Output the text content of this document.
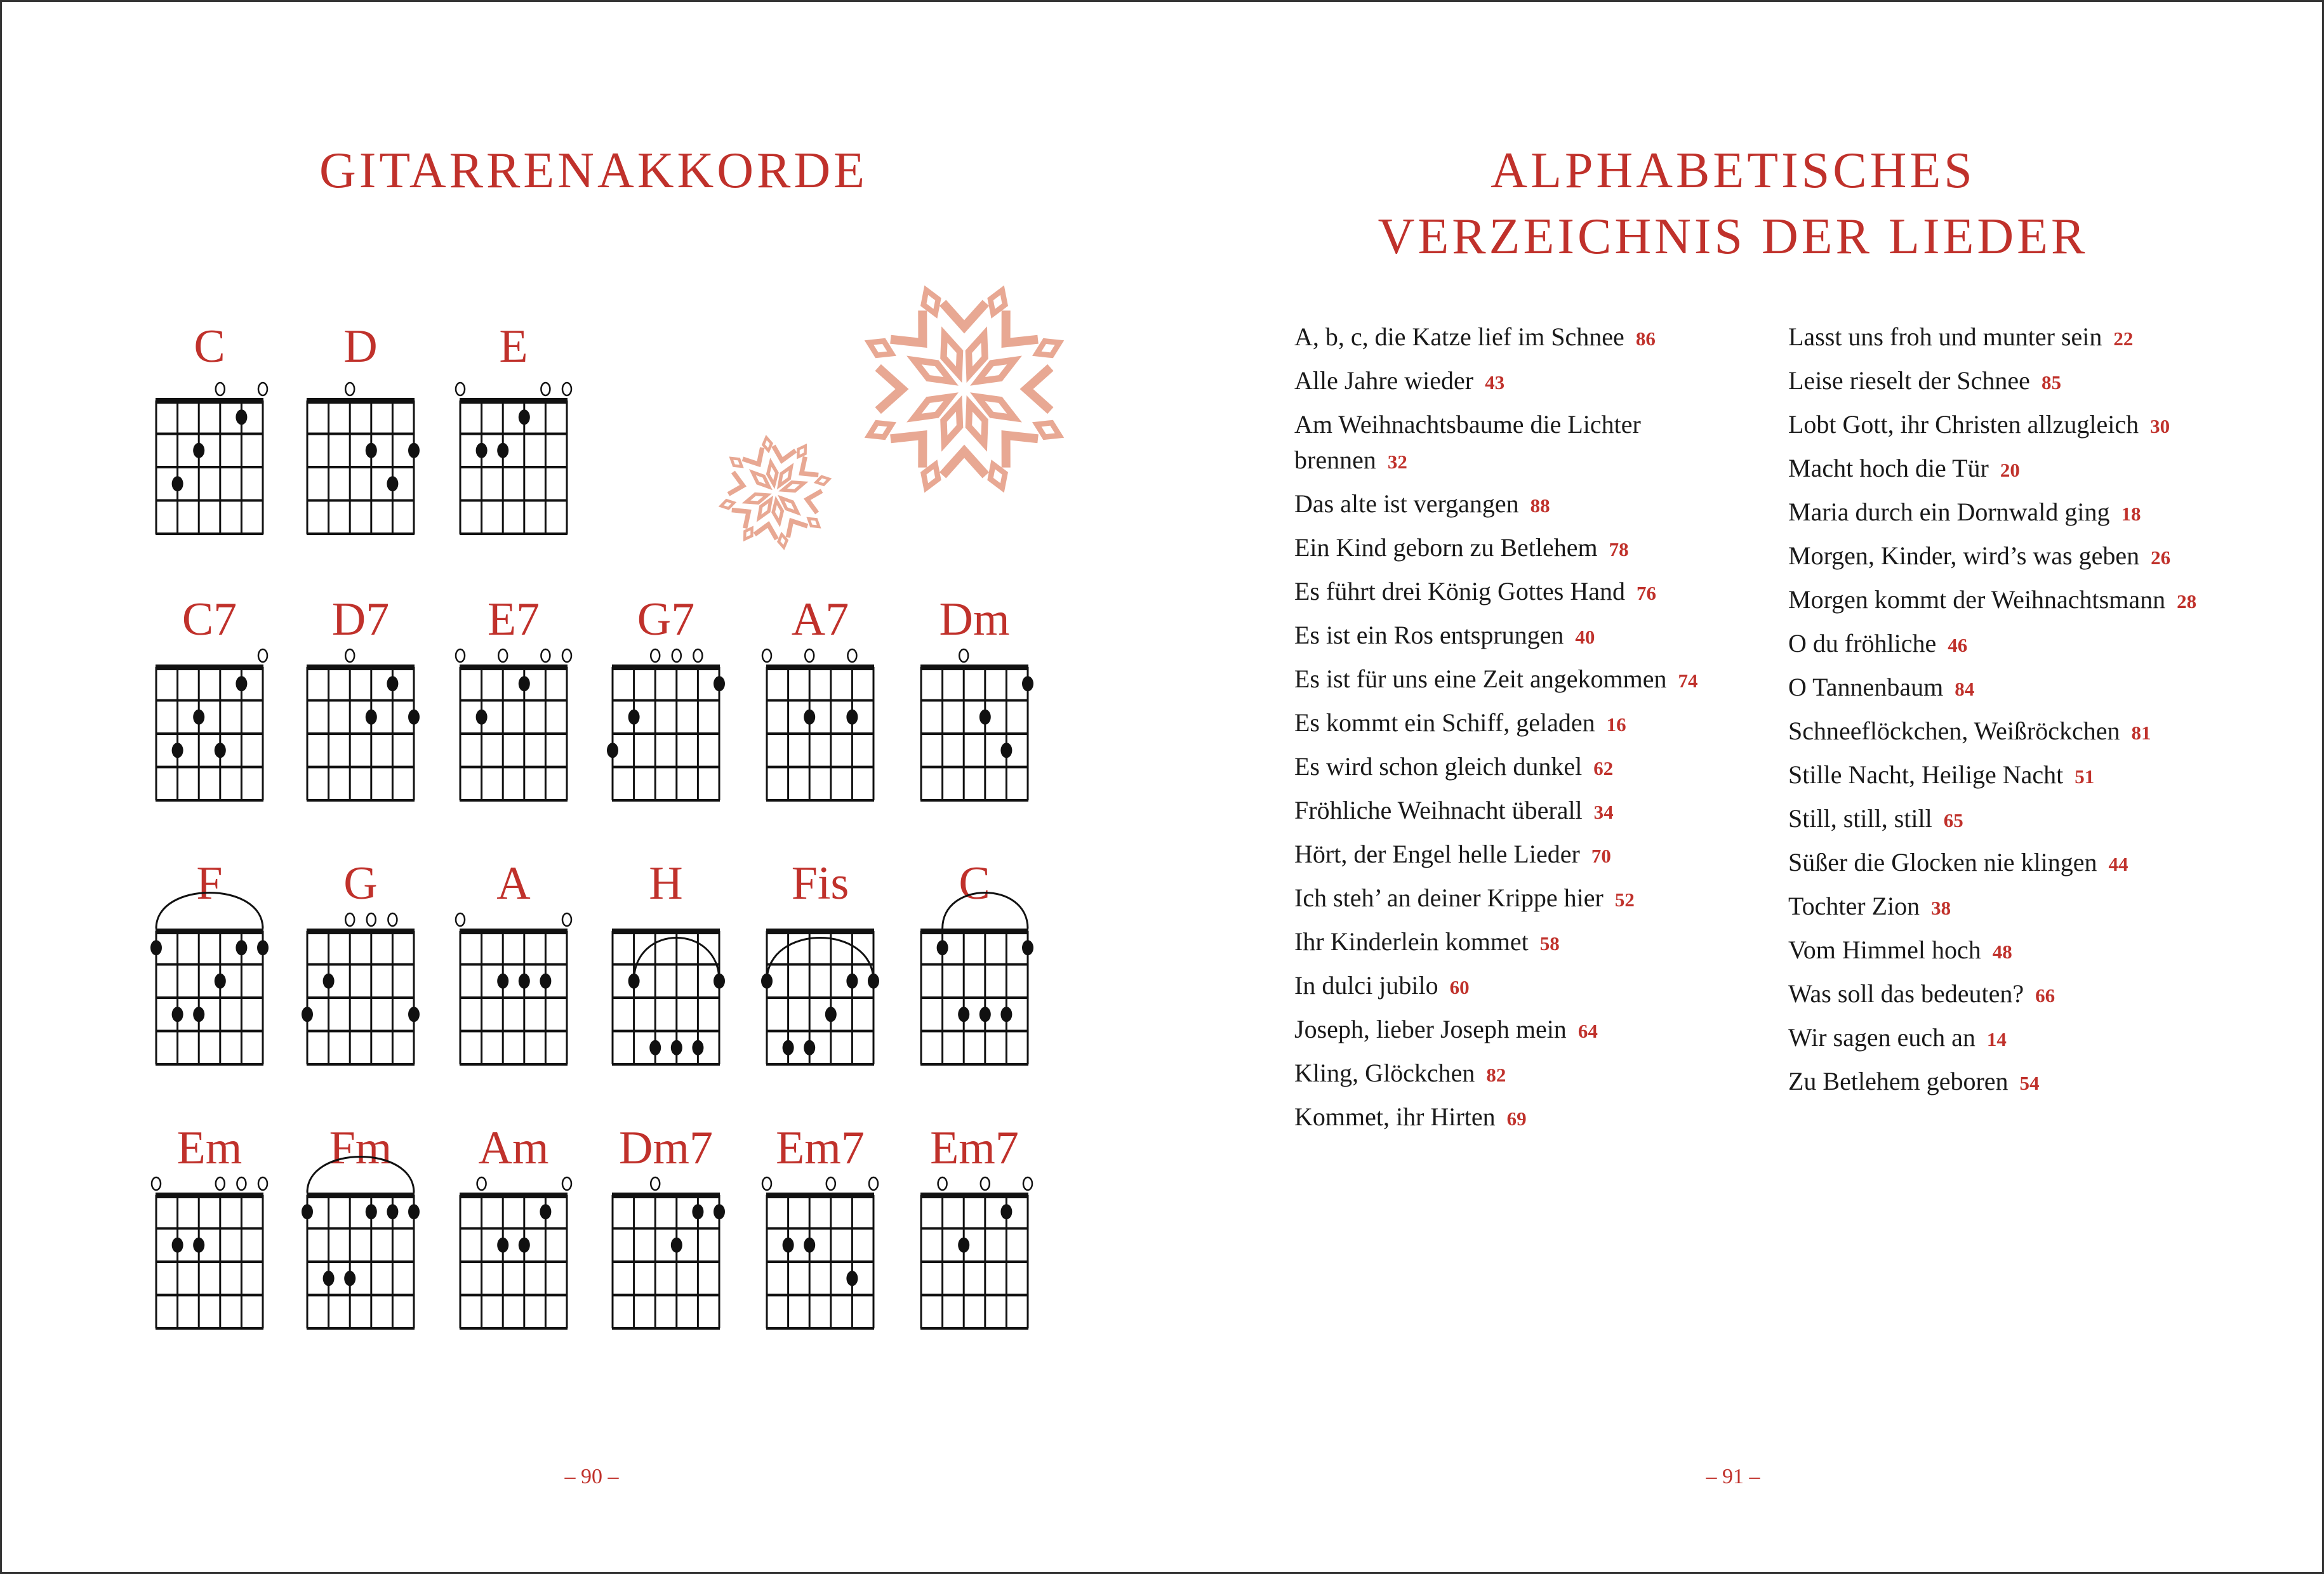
GITARRENAKKORDE
C	D	E
C7 D7 E7 G7 A7 Dm
F	G	A	H Fis C
Em Fm Am Dm7 Em7 Em7
– 90 –
ALPHABETISCHES
VERZEICHNIS DER LIEDER
A, b, c, die Katze lief im Schnee 86
Alle Jahre wieder 43
Am Weihnachtsbaume die Lichter brennen 32
Das alte ist vergangen 88
Ein Kind geborn zu Betlehem 78
Es führt drei König Gottes Hand 76
Es ist ein Ros entsprungen 40
Es ist für uns eine Zeit angekommen 74
Es kommt ein Schiff, geladen 16
Es wird schon gleich dunkel 62
Fröhliche Weihnacht überall 34
Hört, der Engel helle Lieder 70
Ich steh’ an deiner Krippe hier 52
Ihr Kinderlein kommet 58
In dulci jubilo 60
Joseph, lieber Joseph mein 64
Kling, Glöckchen 82
Kommet, ihr Hirten 69
Lasst uns froh und munter sein 22
Leise rieselt der Schnee 85
Lobt Gott, ihr Christen allzugleich 30
Macht hoch die Tür 20
Maria durch ein Dornwald ging 18
Morgen, Kinder, wird’s was geben 26
Morgen kommt der Weihnachtsmann 28
O du fröhliche 46
O Tannenbaum 84
Schneeflöckchen, Weißröckchen 81
Stille Nacht, Heilige Nacht 51
Still, still, still 65
Süßer die Glocken nie klingen 44
Tochter Zion 38
Vom Himmel hoch 48
Was soll das bedeuten? 66
Wir sagen euch an 14
Zu Betlehem geboren 54
– 91 –
